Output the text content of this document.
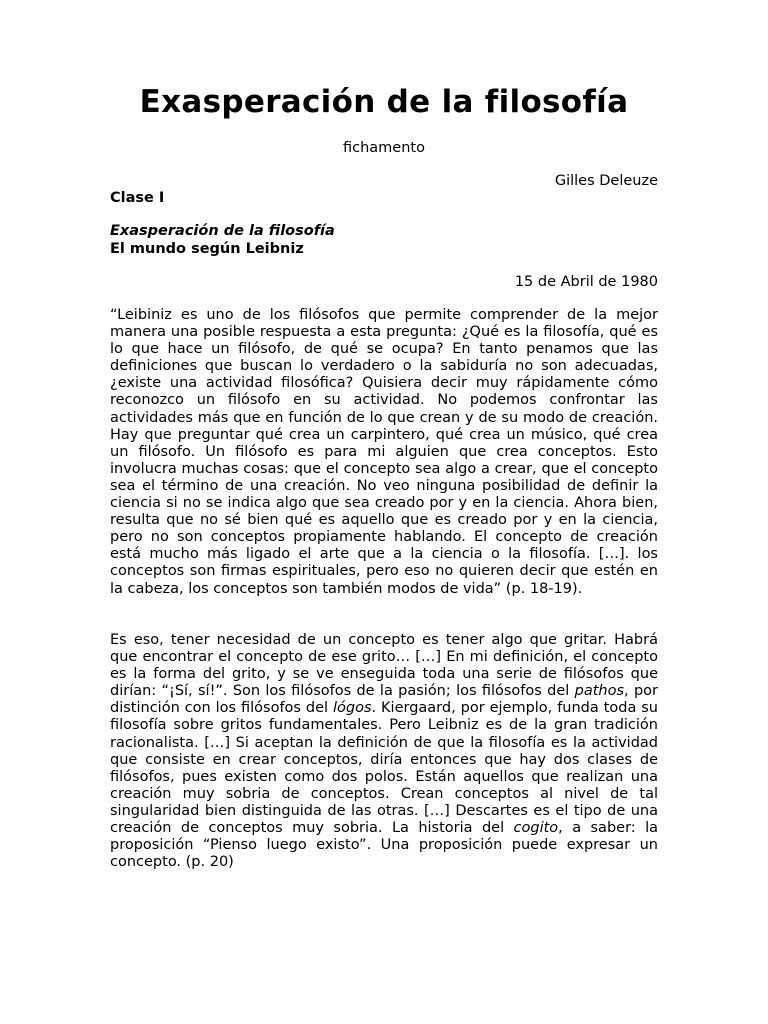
Exasperación de la filosofía

fichamento

Gilles Deleuze

Clase I

Exasperación de la filosofía

El mundo según Leibniz

15 de Abril de 1980

“Leibiniz es uno de los filósofos que permite comprender de la mejor manera una posible respuesta a esta pregunta: ¿Qué es la filosofía, qué es lo que hace un filósofo, de qué se ocupa? En tanto penamos que las definiciones que buscan lo verdadero o la sabiduría no son adecuadas, ¿existe una actividad filosófica? Quisiera decir muy rápidamente cómo reconozco un filósofo en su actividad. No podemos confrontar las actividades más que en función de lo que crean y de su modo de creación. Hay que preguntar qué crea un carpintero, qué crea un músico, qué crea un filósofo. Un filósofo es para mi alguien que crea conceptos. Esto involucra muchas cosas: que el concepto sea algo a crear, que el concepto sea el término de una creación. No veo ninguna posibilidad de definir la ciencia si no se indica algo que sea creado por y en la ciencia. Ahora bien, resulta que no sé bien qué es aquello que es creado por y en la ciencia, pero no son conceptos propiamente hablando. El concepto de creación está mucho más ligado el arte que a la ciencia o la filosofía. […]. los conceptos son firmas espirituales, pero eso no quieren decir que estén en la cabeza, los conceptos son también modos de vida” (p. 18-19).

Es eso, tener necesidad de un concepto es tener algo que gritar. Habrá que encontrar el concepto de ese grito… […] En mi definición, el concepto es la forma del grito, y se ve enseguida toda una serie de filósofos que dirían: “¡Sí, sí!”. Son los filósofos de la pasión; los filósofos del pathos, por distinción con los filósofos del lógos. Kiergaard, por ejemplo, funda toda su filosofía sobre gritos fundamentales. Pero Leibniz es de la gran tradición racionalista. […] Si aceptan la definición de que la filosofía es la actividad que consiste en crear conceptos, diría entonces que hay dos clases de filósofos, pues existen como dos polos. Están aquellos que realizan una creación muy sobria de conceptos. Crean conceptos al nivel de tal singularidad bien distinguida de las otras. […] Descartes es el tipo de una creación de conceptos muy sobria. La historia del cogito, a saber: la proposición “Pienso luego existo”. Una proposición puede expresar un concepto. (p. 20)
